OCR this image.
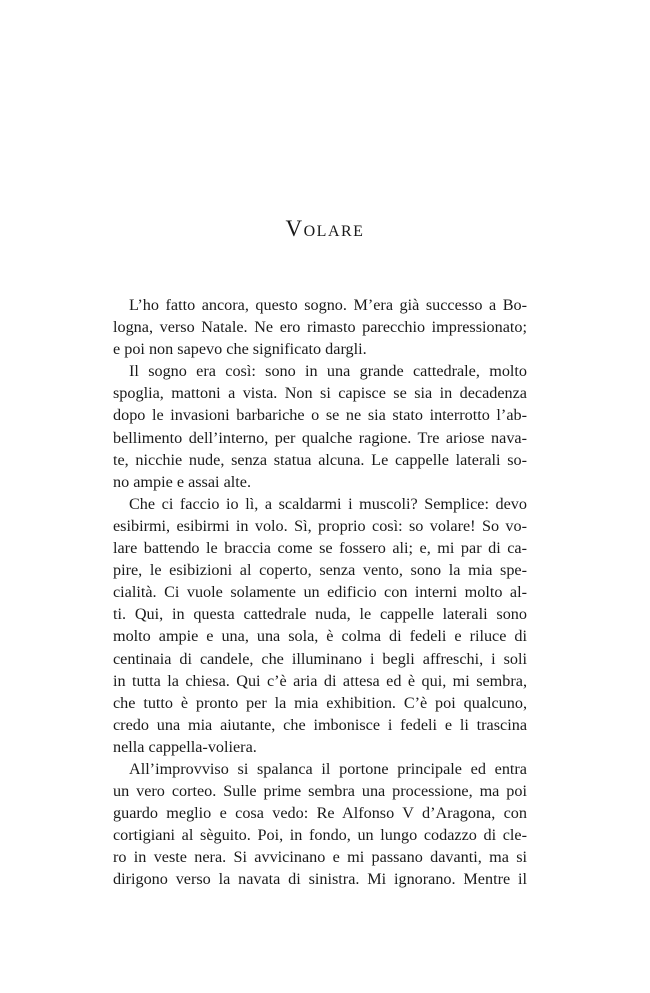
Volare
L’ho fatto ancora, questo sogno. M’era già successo a Bo-
logna, verso Natale. Ne ero rimasto parecchio impressionato;
e poi non sapevo che significato dargli.
Il sogno era così: sono in una grande cattedrale, molto
spoglia, mattoni a vista. Non si capisce se sia in decadenza
dopo le invasioni barbariche o se ne sia stato interrotto l’ab-
bellimento dell’interno, per qualche ragione. Tre ariose nava-
te, nicchie nude, senza statua alcuna. Le cappelle laterali so-
no ampie e assai alte.
Che ci faccio io lì, a scaldarmi i muscoli? Semplice: devo
esibirmi, esibirmi in volo. Sì, proprio così: so volare! So vo-
lare battendo le braccia come se fossero ali; e, mi par di ca-
pire, le esibizioni al coperto, senza vento, sono la mia spe-
cialità. Ci vuole solamente un edificio con interni molto al-
ti. Qui, in questa cattedrale nuda, le cappelle laterali sono
molto ampie e una, una sola, è colma di fedeli e riluce di
centinaia di candele, che illuminano i begli affreschi, i soli
in tutta la chiesa. Qui c’è aria di attesa ed è qui, mi sembra,
che tutto è pronto per la mia exhibition. C’è poi qualcuno,
credo una mia aiutante, che imbonisce i fedeli e li trascina
nella cappella-voliera.
All’improvviso si spalanca il portone principale ed entra
un vero corteo. Sulle prime sembra una processione, ma poi
guardo meglio e cosa vedo: Re Alfonso V d’Aragona, con
cortigiani al sèguito. Poi, in fondo, un lungo codazzo di cle-
ro in veste nera. Si avvicinano e mi passano davanti, ma si
dirigono verso la navata di sinistra. Mi ignorano. Mentre il
